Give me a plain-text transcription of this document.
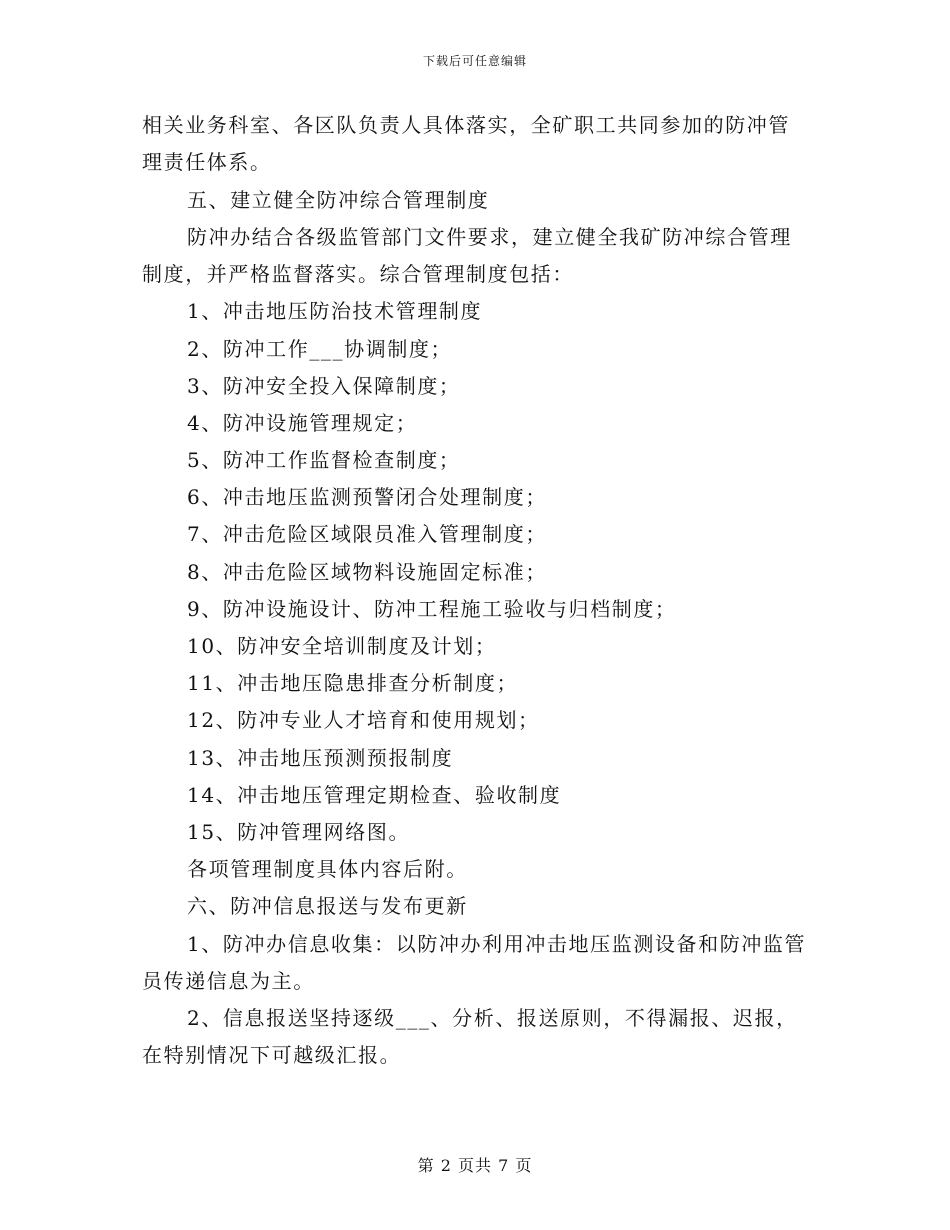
下载后可任意编辑
相关业务科室、各区队负责人具体落实，全矿职工共同参加的防冲管
理责任体系。
五、建立健全防冲综合管理制度
防冲办结合各级监管部门文件要求，建立健全我矿防冲综合管理
制度，并严格监督落实。综合管理制度包括：
1、冲击地压防治技术管理制度
2、防冲工作___协调制度；
3、防冲安全投入保障制度；
4、防冲设施管理规定；
5、防冲工作监督检查制度；
6、冲击地压监测预警闭合处理制度；
7、冲击危险区域限员准入管理制度；
8、冲击危险区域物料设施固定标准；
9、防冲设施设计、防冲工程施工验收与归档制度；
10、防冲安全培训制度及计划；
11、冲击地压隐患排查分析制度；
12、防冲专业人才培育和使用规划；
13、冲击地压预测预报制度
14、冲击地压管理定期检查、验收制度
15、防冲管理网络图。
各项管理制度具体内容后附。
六、防冲信息报送与发布更新
1、防冲办信息收集：以防冲办利用冲击地压监测设备和防冲监管
员传递信息为主。
2、信息报送坚持逐级___、分析、报送原则，不得漏报、迟报，
在特别情况下可越级汇报。
第 2 页共 7 页
